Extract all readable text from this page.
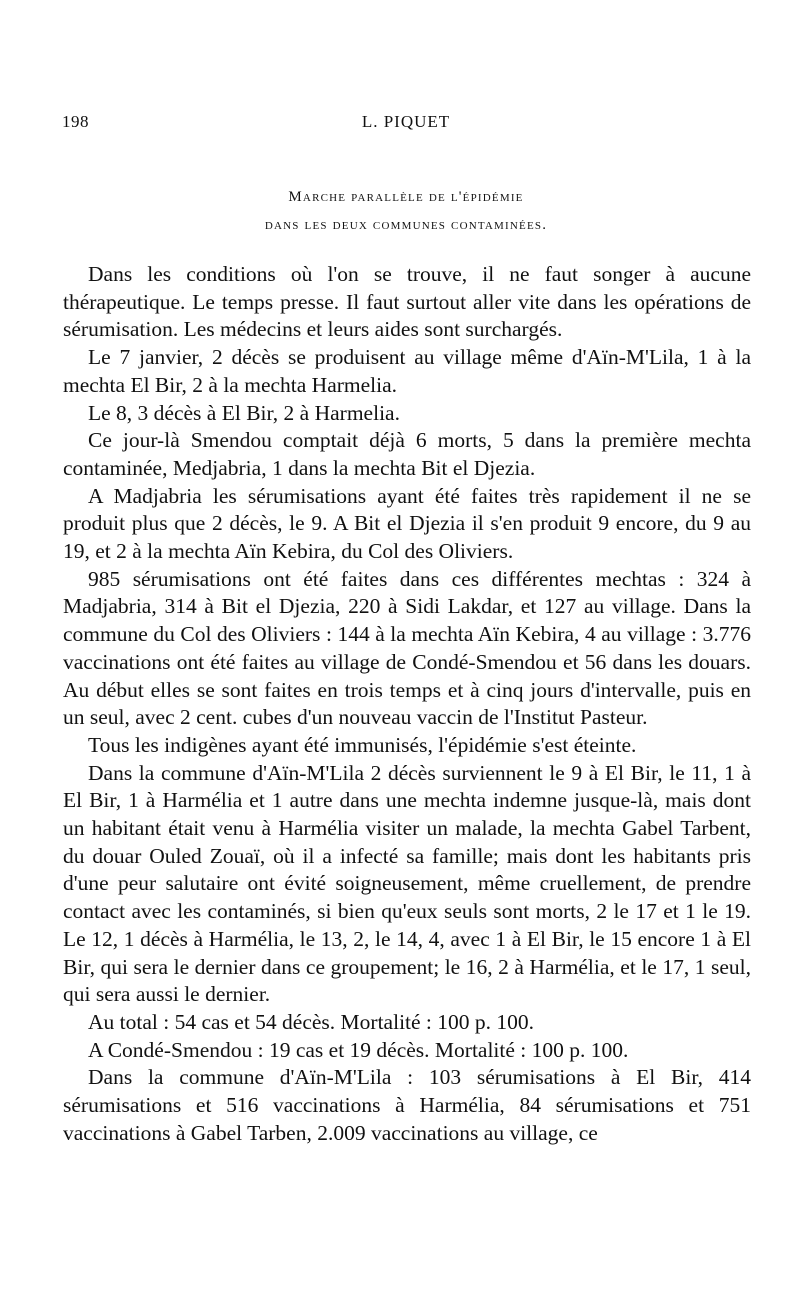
198	L. PIQUET
Marche parallèle de l'épidémie
dans les deux communes contaminées.

Dans les conditions où l'on se trouve, il ne faut songer à aucune thérapeutique. Le temps presse. Il faut surtout aller vite dans les opérations de sérumisation. Les médecins et leurs aides sont surchargés.

Le 7 janvier, 2 décès se produisent au village même d'Aïn-M'Lila, 1 à la mechta El Bir, 2 à la mechta Harmelia.

Le 8, 3 décès à El Bir, 2 à Harmelia.

Ce jour-là Smendou comptait déjà 6 morts, 5 dans la première mechta contaminée, Medjabria, 1 dans la mechta Bit el Djezia.

A Madjabria les sérumisations ayant été faites très rapidement il ne se produit plus que 2 décès, le 9. A Bit el Djezia il s'en produit 9 encore, du 9 au 19, et 2 à la mechta Aïn Kebira, du Col des Oliviers.

985 sérumisations ont été faites dans ces différentes mechtas : 324 à Madjabria, 314 à Bit el Djezia, 220 à Sidi Lakdar, et 127 au village. Dans la commune du Col des Oliviers : 144 à la mechta Aïn Kebira, 4 au village : 3.776 vaccinations ont été faites au village de Condé-Smendou et 56 dans les douars. Au début elles se sont faites en trois temps et à cinq jours d'intervalle, puis en un seul, avec 2 cent. cubes d'un nouveau vaccin de l'Institut Pasteur.

Tous les indigènes ayant été immunisés, l'épidémie s'est éteinte.

Dans la commune d'Aïn-M'Lila 2 décès surviennent le 9 à El Bir, le 11, 1 à El Bir, 1 à Harmélia et 1 autre dans une mechta indemne jusque-là, mais dont un habitant était venu à Harmélia visiter un malade, la mechta Gabel Tarbent, du douar Ouled Zouaï, où il a infecté sa famille; mais dont les habitants pris d'une peur salutaire ont évité soigneusement, même cruellement, de prendre contact avec les contaminés, si bien qu'eux seuls sont morts, 2 le 17 et 1 le 19. Le 12, 1 décès à Harmélia, le 13, 2, le 14, 4, avec 1 à El Bir, le 15 encore 1 à El Bir, qui sera le dernier dans ce groupement; le 16, 2 à Harmélia, et le 17, 1 seul, qui sera aussi le dernier.

Au total : 54 cas et 54 décès. Mortalité : 100 p. 100.

A Condé-Smendou : 19 cas et 19 décès. Mortalité : 100 p. 100.

Dans la commune d'Aïn-M'Lila : 103 sérumisations à El Bir, 414 sérumisations et 516 vaccinations à Harmélia, 84 sérumisations et 751 vaccinations à Gabel Tarben, 2.009 vaccinations au village, ce
